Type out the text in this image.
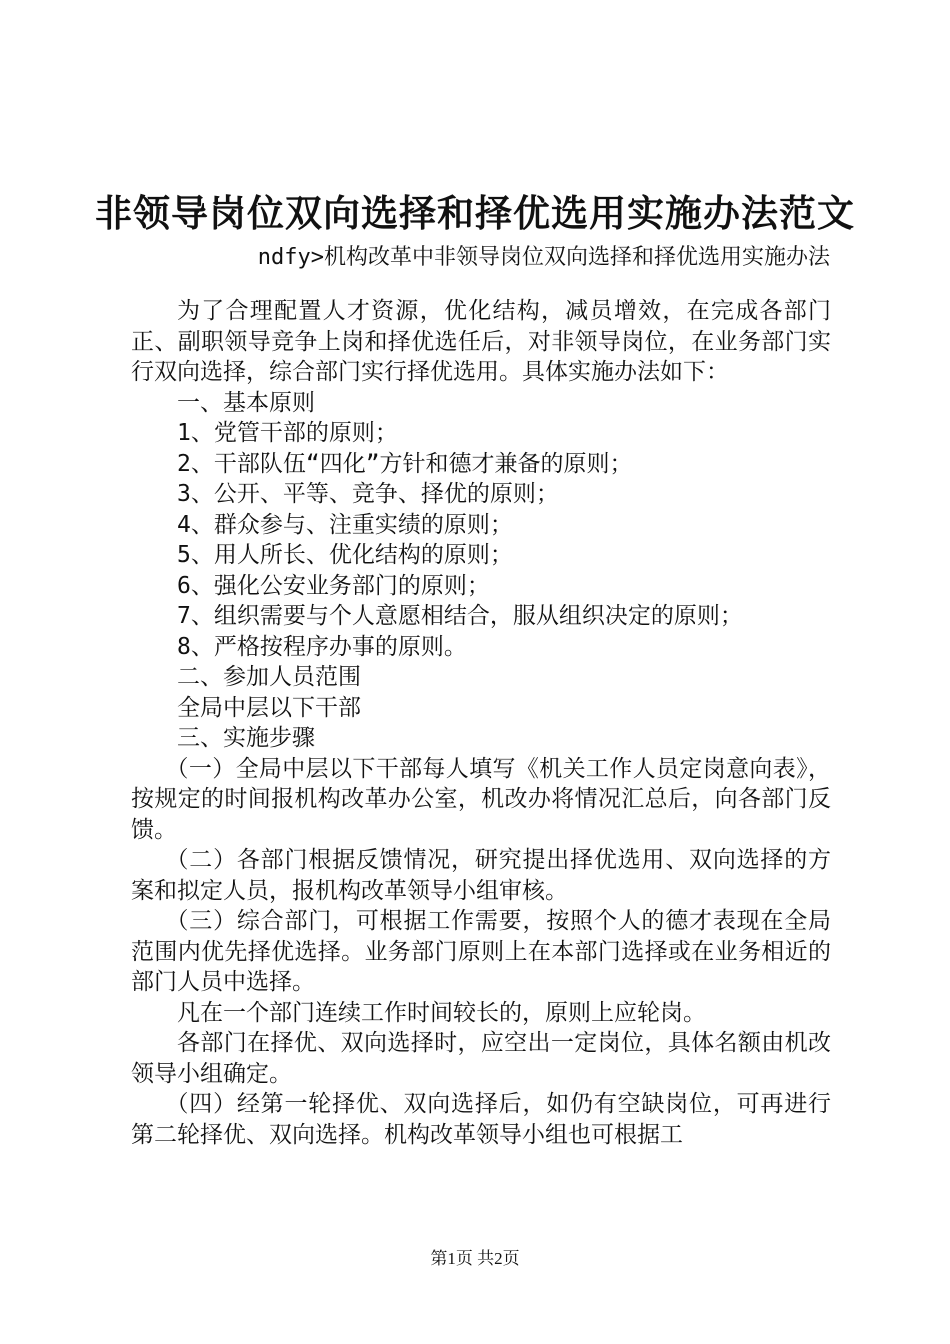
非领导岗位双向选择和择优选用实施办法范文
ndfy>机构改革中非领导岗位双向选择和择优选用实施办法

为了合理配置人才资源，优化结构，减员增效，在完成各部门正、副职领导竞争上岗和择优选任后，对非领导岗位，在业务部门实行双向选择，综合部门实行择优选用。具体实施办法如下：

一、基本原则

1、党管干部的原则；

2、干部队伍“四化”方针和德才兼备的原则；

3、公开、平等、竞争、择优的原则；

4、群众参与、注重实绩的原则；

5、用人所长、优化结构的原则；

6、强化公安业务部门的原则；

7、组织需要与个人意愿相结合，服从组织决定的原则；

8、严格按程序办事的原则。

二、参加人员范围

全局中层以下干部

三、实施步骤

（一）全局中层以下干部每人填写《机关工作人员定岗意向表》，按规定的时间报机构改革办公室，机改办将情况汇总后，向各部门反馈。

（二）各部门根据反馈情况，研究提出择优选用、双向选择的方案和拟定人员，报机构改革领导小组审核。

（三）综合部门，可根据工作需要，按照个人的德才表现在全局范围内优先择优选择。业务部门原则上在本部门选择或在业务相近的部门人员中选择。

凡在一个部门连续工作时间较长的，原则上应轮岗。

各部门在择优、双向选择时，应空出一定岗位，具体名额由机改领导小组确定。

（四）经第一轮择优、双向选择后，如仍有空缺岗位，可再进行第二轮择优、双向选择。机构改革领导小组也可根据工

第1页 共2页
